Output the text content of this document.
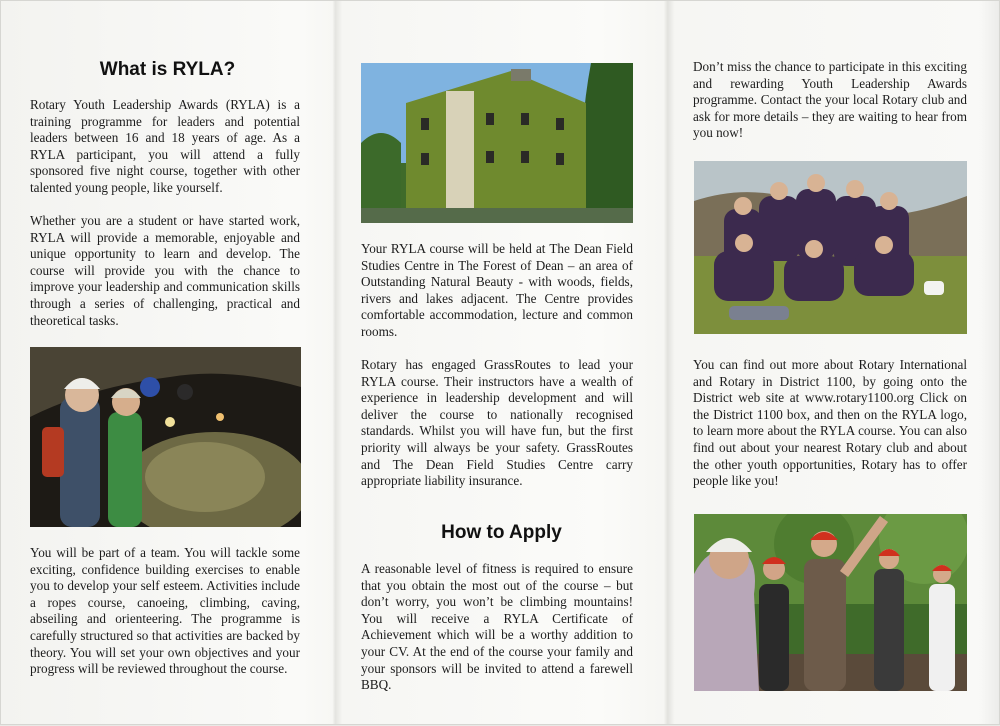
What is RYLA?

Rotary Youth Leadership Awards (RYLA) is a training programme for leaders and potential leaders between 16 and 18 years of age. As a RYLA participant, you will attend a fully sponsored five night course, together with other talented young people, like yourself.

Whether you are a student or have started work, RYLA will provide a memorable, enjoyable and unique opportunity to learn and develop. The course will provide you with the chance to improve your leadership and communication skills through a series of challenging, practical and theoretical tasks.

You will be part of a team. You will tackle some exciting, confidence building exercises to enable you to develop your self esteem. Activities include a ropes course, canoeing, climbing, caving, abseiling and orienteering. The programme is carefully structured so that activities are backed by theory. You will set your own objectives and your progress will be reviewed throughout the course.

Your RYLA course will be held at The Dean Field Studies Centre in The Forest of Dean – an area of Outstanding Natural Beauty - with woods, fields, rivers and lakes adjacent. The Centre provides comfortable accommodation, lecture and common rooms.

Rotary has engaged GrassRoutes to lead your RYLA course. Their instructors have a wealth of experience in leadership development and will deliver the course to nationally recognised standards. Whilst you will have fun, but the first priority will always be your safety. GrassRoutes and The Dean Field Studies Centre carry appropriate liability insurance.

How to Apply

A reasonable level of fitness is required to ensure that you obtain the most out of the course – but don’t worry, you won’t be climbing mountains! You will receive a RYLA Certificate of Achievement which will be a worthy addition to your CV. At the end of the course your family and your sponsors will be invited to attend a farewell BBQ.

Don’t miss the chance to participate in this exciting and rewarding Youth Leadership Awards programme. Contact the your local Rotary club and ask for more details – they are waiting to hear from you now!

You can find out more about Rotary International and Rotary in District 1100, by going onto the District web site at www.rotary1100.org Click on the District 1100 box, and then on the RYLA logo, to learn more about the RYLA course. You can also find out about your nearest Rotary club and about the other youth opportunities, Rotary has to offer people like you!
